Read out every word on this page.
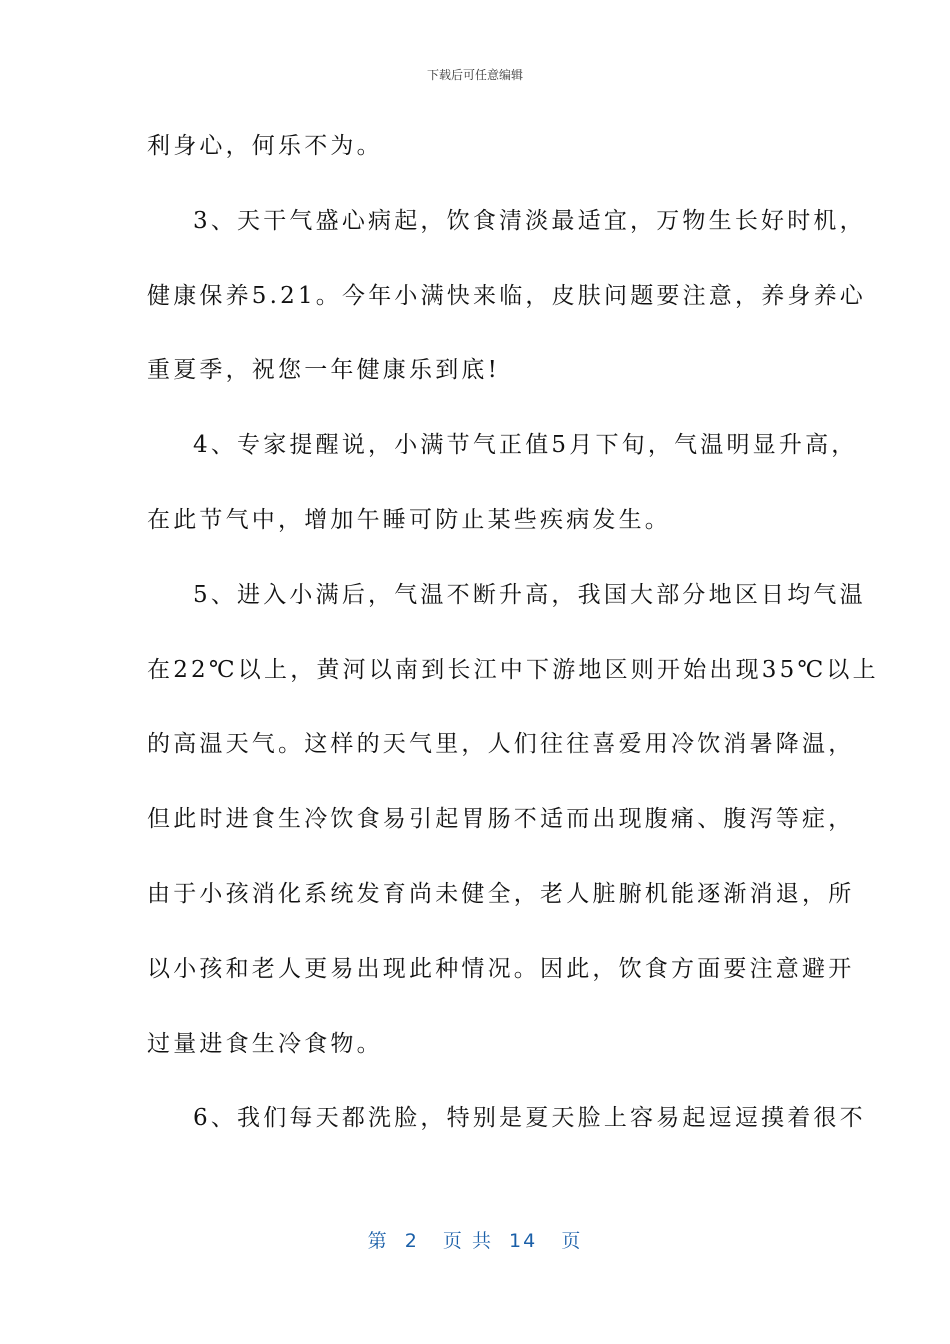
下载后可任意编辑
利身心，何乐不为。
3、天干气盛心病起，饮食清淡最适宜，万物生长好时机，
健康保养5.21。今年小满快来临，皮肤问题要注意，养身养心
重夏季，祝您一年健康乐到底!
4、专家提醒说，小满节气正值5月下旬，气温明显升高，
在此节气中，增加午睡可防止某些疾病发生。
5、进入小满后，气温不断升高，我国大部分地区日均气温
在22℃以上，黄河以南到长江中下游地区则开始出现35℃以上
的高温天气。这样的天气里，人们往往喜爱用冷饮消暑降温，
但此时进食生冷饮食易引起胃肠不适而出现腹痛、腹泻等症，
由于小孩消化系统发育尚未健全，老人脏腑机能逐渐消退，所
以小孩和老人更易出现此种情况。因此，饮食方面要注意避开
过量进食生冷食物。
6、我们每天都洗脸，特别是夏天脸上容易起逗逗摸着很不
第  2   页 共  14   页
